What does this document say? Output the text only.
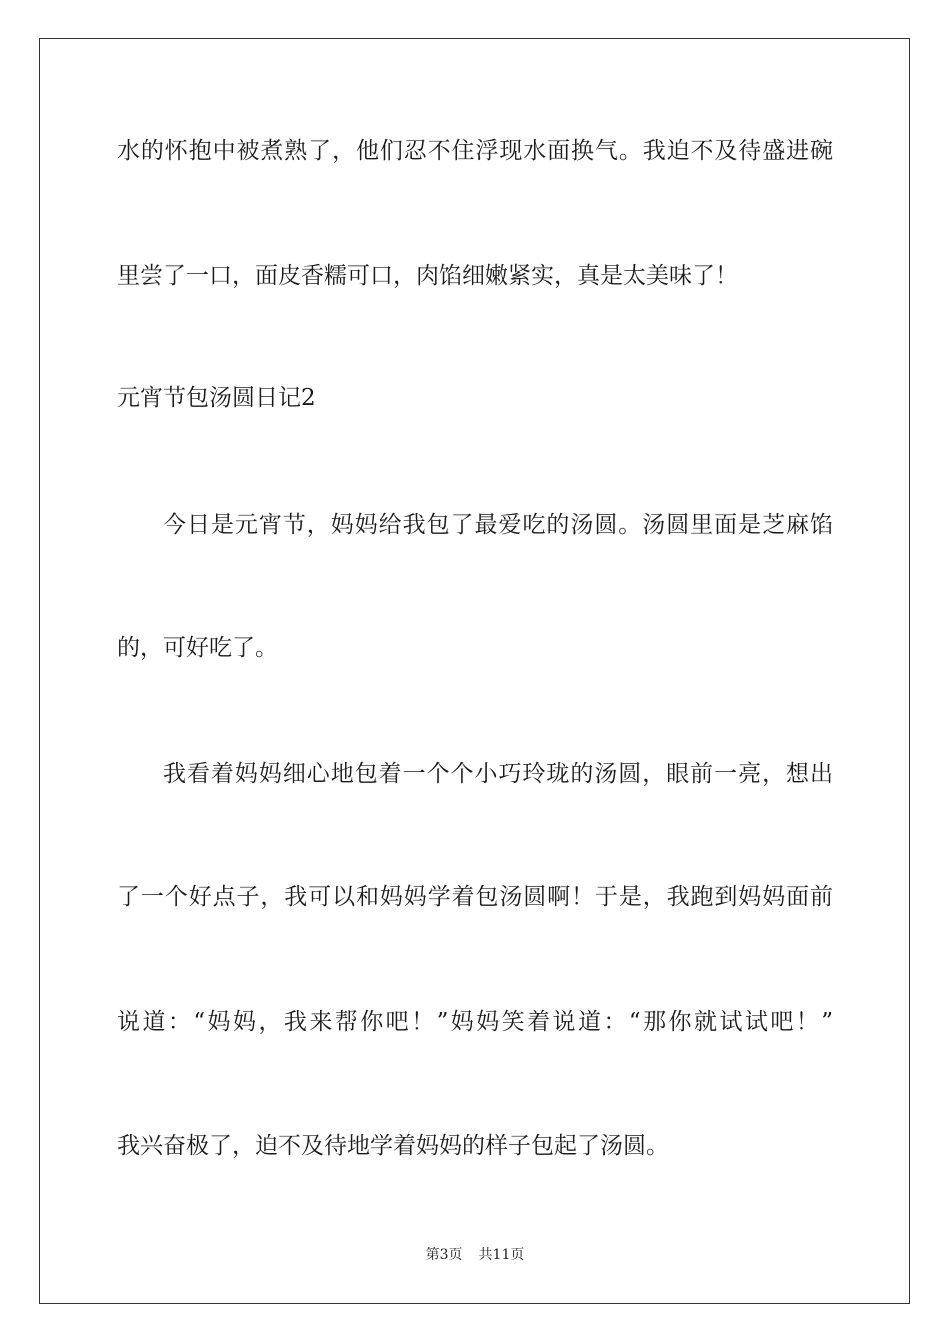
水的怀抱中被煮熟了，他们忍不住浮现水面换气。我迫不及待盛进碗
里尝了一口，面皮香糯可口，肉馅细嫩紧实，真是太美味了！
元宵节包汤圆日记2
今日是元宵节，妈妈给我包了最爱吃的汤圆。汤圆里面是芝麻馅
的，可好吃了。
我看着妈妈细心地包着一个个小巧玲珑的汤圆，眼前一亮，想出
了一个好点子，我可以和妈妈学着包汤圆啊！于是，我跑到妈妈面前
说道：“妈妈，我来帮你吧！”妈妈笑着说道：“那你就试试吧！”
我兴奋极了，迫不及待地学着妈妈的样子包起了汤圆。
第3页 共11页
